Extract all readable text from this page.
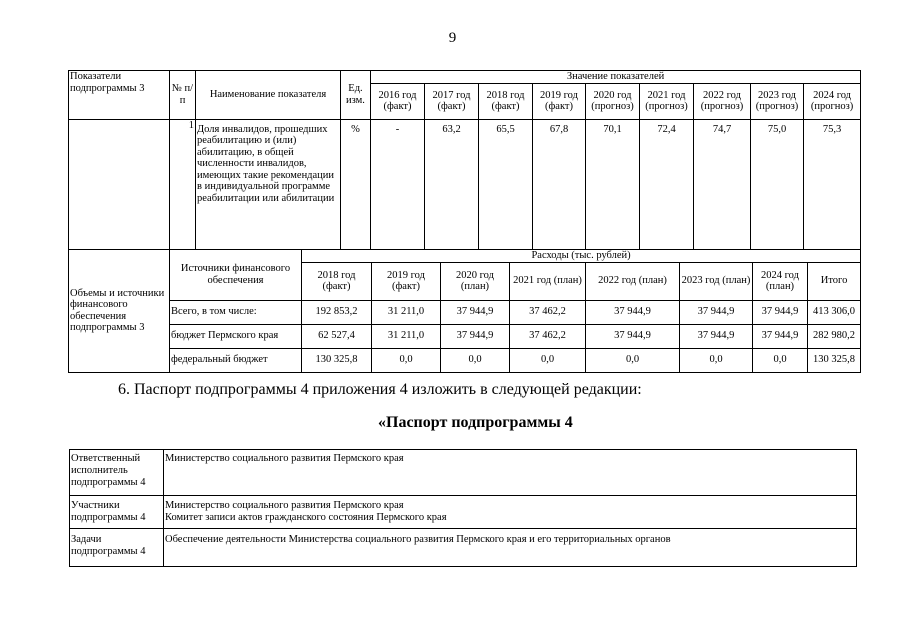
9
Показатели подпрограммы 3	№ п/п	Наименование показателя	Ед. изм.	Значение показателей								
				2016 год (факт)	2017 год (факт)	2018 год (факт)	2019 год (факт)	2020 год (прогноз)	2021 год (прогноз)	2022 год (прогноз)	2023 год (прогноз)	2024 год (прогноз)
	1	Доля инвалидов, прошедших реабилитацию и (или) абилитацию, в общей численности инвалидов, имеющих такие рекомендации в индивидуальной программе реабилитации или абилитации	%	-	63,2	65,5	67,8	70,1	72,4	74,7	75,0	75,3
Объемы и источники финансового обеспечения подпрограммы 3	Источники финансового обеспечения	Расходы (тыс. рублей)							
		2018 год (факт)	2019 год (факт)	2020 год (план)	2021 год (план)	2022 год (план)	2023 год (план)	2024 год (план)	Итого
	Всего, в том числе:	192 853,2	31 211,0	37 944,9	37 462,2	37 944,9	37 944,9	37 944,9	413 306,0
	бюджет Пермского края	62 527,4	31 211,0	37 944,9	37 462,2	37 944,9	37 944,9	37 944,9	282 980,2
	федеральный бюджет	130 325,8	0,0	0,0	0,0	0,0	0,0	0,0	130 325,8
6. Паспорт подпрограммы 4 приложения 4 изложить в следующей редакции:
«Паспорт подпрограммы 4
Ответственный исполнитель подпрограммы 4	Министерство социального развития Пермского края
Участники подпрограммы 4	Министерство социального развития Пермского края
Комитет записи актов гражданского состояния Пермского края
Задачи подпрограммы 4	Обеспечение деятельности Министерства социального развития Пермского края и его территориальных органов
